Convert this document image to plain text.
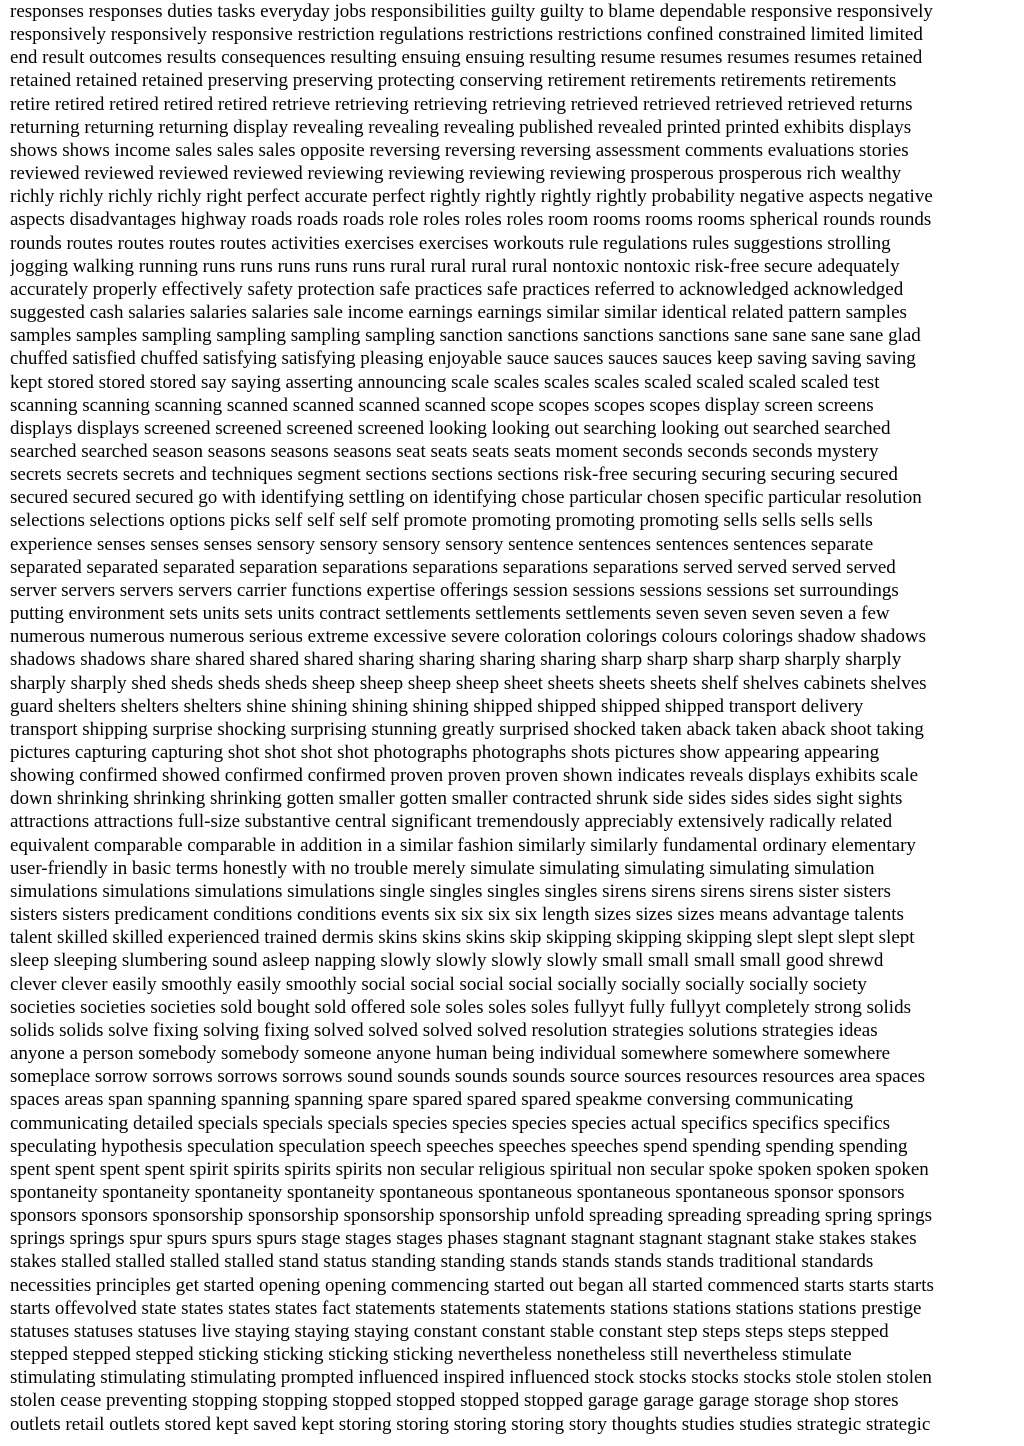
responses responses duties tasks everyday jobs responsibilities guilty guilty to blame dependable responsive responsively
responsively responsively responsive restriction regulations restrictions restrictions confined constrained limited limited
end result outcomes results consequences resulting ensuing ensuing resulting resume resumes resumes resumes retained
retained retained retained preserving preserving protecting conserving retirement retirements retirements retirements
retire retired retired retired retired retrieve retrieving retrieving retrieving retrieved retrieved retrieved retrieved returns
returning returning returning display revealing revealing revealing published revealed printed printed exhibits displays
shows shows income sales sales sales opposite reversing reversing reversing assessment comments evaluations stories
reviewed reviewed reviewed reviewed reviewing reviewing reviewing reviewing prosperous prosperous rich wealthy
richly richly richly richly right perfect accurate perfect rightly rightly rightly rightly probability negative aspects negative
aspects disadvantages highway roads roads roads role roles roles roles room rooms rooms rooms spherical rounds rounds
rounds routes routes routes routes activities exercises exercises workouts rule regulations rules suggestions strolling
jogging walking running runs runs runs runs runs rural rural rural rural nontoxic nontoxic risk-free secure adequately
accurately properly effectively safety protection safe practices safe practices referred to acknowledged acknowledged
suggested cash salaries salaries salaries sale income earnings earnings similar similar identical related pattern samples
samples samples sampling sampling sampling sampling sanction sanctions sanctions sanctions sane sane sane sane glad
chuffed satisfied chuffed satisfying satisfying pleasing enjoyable sauce sauces sauces sauces keep saving saving saving
kept stored stored stored say saying asserting announcing scale scales scales scales scaled scaled scaled scaled test
scanning scanning scanning scanned scanned scanned scanned scope scopes scopes scopes display screen screens
displays displays screened screened screened screened looking looking out searching looking out searched searched
searched searched season seasons seasons seasons seat seats seats seats moment seconds seconds seconds mystery
secrets secrets secrets and techniques segment sections sections sections risk-free securing securing securing secured
secured secured secured go with identifying settling on identifying chose particular chosen specific particular resolution
selections selections options picks self self self self promote promoting promoting promoting sells sells sells sells
experience senses senses senses sensory sensory sensory sensory sentence sentences sentences sentences separate
separated separated separated separation separations separations separations separations served served served served
server servers servers servers carrier functions expertise offerings session sessions sessions sessions set surroundings
putting environment sets units sets units contract settlements settlements settlements seven seven seven seven a few
numerous numerous numerous serious extreme excessive severe coloration colorings colours colorings shadow shadows
shadows shadows share shared shared shared sharing sharing sharing sharing sharp sharp sharp sharp sharply sharply
sharply sharply shed sheds sheds sheds sheep sheep sheep sheep sheet sheets sheets sheets shelf shelves cabinets shelves
guard shelters shelters shelters shine shining shining shining shipped shipped shipped shipped transport delivery
transport shipping surprise shocking surprising stunning greatly surprised shocked taken aback taken aback shoot taking
pictures capturing capturing shot shot shot shot photographs photographs shots pictures show appearing appearing
showing confirmed showed confirmed confirmed proven proven proven shown indicates reveals displays exhibits scale
down shrinking shrinking shrinking gotten smaller gotten smaller contracted shrunk side sides sides sides sight sights
attractions attractions full-size substantive central significant tremendously appreciably extensively radically related
equivalent comparable comparable in addition in a similar fashion similarly similarly fundamental ordinary elementary
user-friendly in basic terms honestly with no trouble merely simulate simulating simulating simulating simulation
simulations simulations simulations simulations single singles singles singles sirens sirens sirens sirens sister sisters
sisters sisters predicament conditions conditions events six six six six length sizes sizes sizes means advantage talents
talent skilled skilled experienced trained dermis skins skins skins skip skipping skipping skipping slept slept slept slept
sleep sleeping slumbering sound asleep napping slowly slowly slowly slowly small small small small good shrewd
clever clever easily smoothly easily smoothly social social social social socially socially socially socially society
societies societies societies sold bought sold offered sole soles soles soles fullyyt fully fullyyt completely strong solids
solids solids solve fixing solving fixing solved solved solved solved resolution strategies solutions strategies ideas
anyone a person somebody somebody someone anyone human being individual somewhere somewhere somewhere
someplace sorrow sorrows sorrows sorrows sound sounds sounds sounds source sources resources resources area spaces
spaces areas span spanning spanning spanning spare spared spared spared speakme conversing communicating
communicating detailed specials specials specials species species species species actual specifics specifics specifics
speculating hypothesis speculation speculation speech speeches speeches speeches spend spending spending spending
spent spent spent spent spirit spirits spirits spirits non secular religious spiritual non secular spoke spoken spoken spoken
spontaneity spontaneity spontaneity spontaneity spontaneous spontaneous spontaneous spontaneous sponsor sponsors
sponsors sponsors sponsorship sponsorship sponsorship sponsorship unfold spreading spreading spreading spring springs
springs springs spur spurs spurs spurs stage stages stages phases stagnant stagnant stagnant stagnant stake stakes stakes
stakes stalled stalled stalled stalled stand status standing standing stands stands stands stands traditional standards
necessities principles get started opening opening commencing started out began all started commenced starts starts starts
starts offevolved state states states states fact statements statements statements stations stations stations stations prestige
statuses statuses statuses live staying staying staying constant constant stable constant step steps steps steps stepped
stepped stepped stepped sticking sticking sticking sticking nevertheless nonetheless still nevertheless stimulate
stimulating stimulating stimulating prompted influenced inspired influenced stock stocks stocks stocks stole stolen stolen
stolen cease preventing stopping stopping stopped stopped stopped stopped garage garage garage storage shop stores
outlets retail outlets stored kept saved kept storing storing storing storing story thoughts studies studies strategic strategic
